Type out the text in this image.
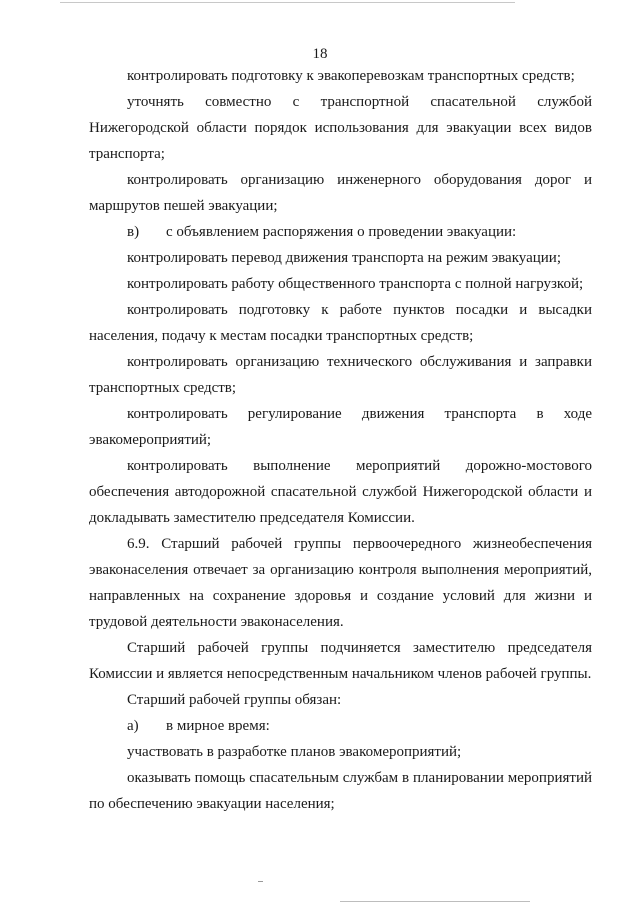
18

контролировать подготовку к эвакоперевозкам транспортных средств;

уточнять совместно с транспортной спасательной службой Нижегородской области порядок использования для эвакуации всех видов транспорта;

контролировать организацию инженерного оборудования дорог и маршрутов пешей эвакуации;

в) с объявлением распоряжения о проведении эвакуации:

контролировать перевод движения транспорта на режим эвакуации;

контролировать работу общественного транспорта с полной нагрузкой;

контролировать подготовку к работе пунктов посадки и высадки населения, подачу к местам посадки транспортных средств;

контролировать организацию технического обслуживания и заправки транспортных средств;

контролировать регулирование движения транспорта в ходе эвакомероприятий;

контролировать выполнение мероприятий дорожно-мостового обеспечения автодорожной спасательной службой Нижегородской области и докладывать заместителю председателя Комиссии.

6.9. Старший рабочей группы первоочередного жизнеобеспечения эваконаселения отвечает за организацию контроля выполнения мероприятий, направленных на сохранение здоровья и создание условий для жизни и трудовой деятельности эваконаселения.

Старший рабочей группы подчиняется заместителю председателя Комиссии и является непосредственным начальником членов рабочей группы.

Старший рабочей группы обязан:

а) в мирное время:

участвовать в разработке планов эвакомероприятий;

оказывать помощь спасательным службам в планировании мероприятий по обеспечению эвакуации населения;
